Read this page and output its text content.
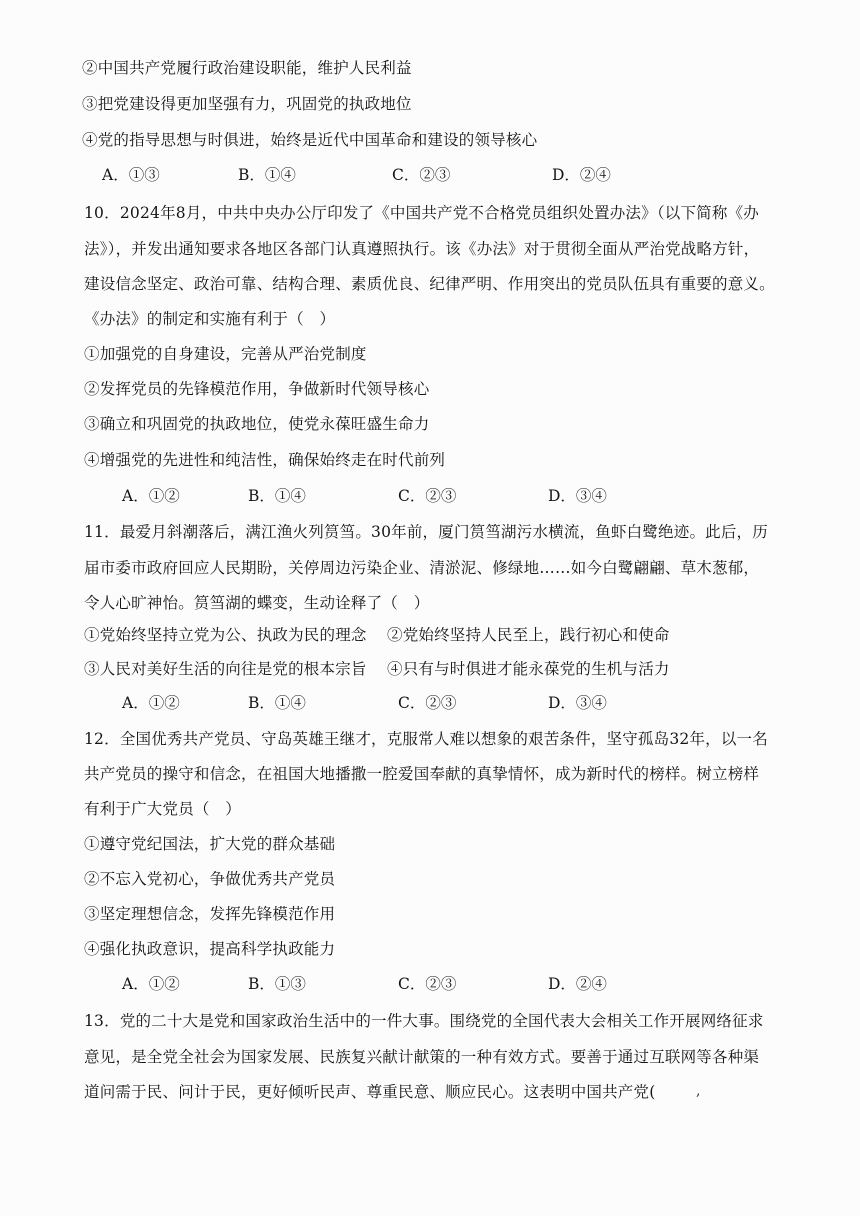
②中国共产党履行政治建设职能，维护人民利益
③把党建设得更加坚强有力，巩固党的执政地位
④党的指导思想与时俱进，始终是近代中国革命和建设的领导核心
A．①③	B．①④	C．②③	D．②④
10．2024年8月，中共中央办公厅印发了《中国共产党不合格党员组织处置办法》（以下简称《办
法》），并发出通知要求各地区各部门认真遵照执行。该《办法》对于贯彻全面从严治党战略方针，
建设信念坚定、政治可靠、结构合理、素质优良、纪律严明、作用突出的党员队伍具有重要的意义。
《办法》的制定和实施有利于（　）
①加强党的自身建设，完善从严治党制度
②发挥党员的先锋模范作用，争做新时代领导核心
③确立和巩固党的执政地位，使党永葆旺盛生命力
④增强党的先进性和纯洁性，确保始终走在时代前列
A．①②	B．①④	C．②③	D．③④
11．最爱月斜潮落后，满江渔火列筼筜。30年前，厦门筼筜湖污水横流，鱼虾白鹭绝迹。此后，历
届市委市政府回应人民期盼，关停周边污染企业、清淤泥、修绿地……如今白鹭翩翩、草木葱郁，
令人心旷神怡。筼筜湖的蝶变，生动诠释了（　）
①党始终坚持立党为公、执政为民的理念 ②党始终坚持人民至上，践行初心和使命
③人民对美好生活的向往是党的根本宗旨 ④只有与时俱进才能永葆党的生机与活力
A．①②	B．①④	C．②③	D．③④
12．全国优秀共产党员、守岛英雄王继才，克服常人难以想象的艰苦条件，坚守孤岛32年，以一名
共产党员的操守和信念，在祖国大地播撒一腔爱国奉献的真挚情怀，成为新时代的榜样。树立榜样
有利于广大党员（　）
①遵守党纪国法，扩大党的群众基础
②不忘入党初心，争做优秀共产党员
③坚定理想信念，发挥先锋模范作用
④强化执政意识，提高科学执政能力
A．①②	B．①③	C．②③	D．②④
13．党的二十大是党和国家政治生活中的一件大事。围绕党的全国代表大会相关工作开展网络征求
意见，是全党全社会为国家发展、民族复兴献计献策的一种有效方式。要善于通过互联网等各种渠
道问需于民、问计于民，更好倾听民声、尊重民意、顺应民心。这表明中国共产党(	,
